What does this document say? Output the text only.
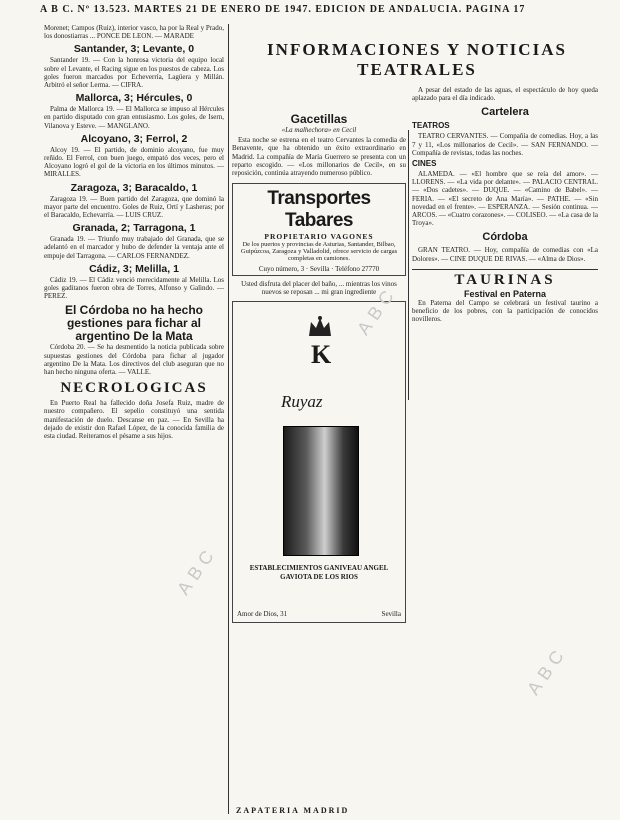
A B C. Nº 13.523. MARTES 21 DE ENERO DE 1947. EDICION DE ANDALUCIA. PAGINA 17

Morenet; Campos (Ruiz), interior vasco, ha por la Real y Prado, los donostiarras ... PONCE DE LEON. — MARADE

Santander, 3; Levante, 0

Santander 19. — Con la honrosa victoria del equipo local sobre el Levante, el Racing sigue en los puestos de cabeza. Los goles fueron marcados por Echeverría, Lagüera y Millán. Arbitró el señor Lerma. — CIFRA.

Mallorca, 3; Hércules, 0

Palma de Mallorca 19. — El Mallorca se impuso al Hércules en partido disputado con gran entusiasmo. Los goles, de Isern, Vilanova y Esteve. — MANGLANO.

Alcoyano, 3; Ferrol, 2

Alcoy 19. — El partido, de dominio alcoyano, fue muy reñido. El Ferrol, con buen juego, empató dos veces, pero el Alcoyano logró el gol de la victoria en los últimos minutos. — MIRALLES.

Zaragoza, 3; Baracaldo, 1

Zaragoza 19. — Buen partido del Zaragoza, que dominó la mayor parte del encuentro. Goles de Ruiz, Ortí y Lasheras; por el Baracaldo, Echevarría. — LUIS CRUZ.

Granada, 2; Tarragona, 1

Granada 19. — Triunfo muy trabajado del Granada, que se adelantó en el marcador y hubo de defender la ventaja ante el empuje del Tarragona. — CARLOS FERNANDEZ.

Cádiz, 3; Melilla, 1

Cádiz 19. — El Cádiz venció merecidamente al Melilla. Los goles gaditanos fueron obra de Torres, Alfonso y Galindo. — PEREZ.

El Córdoba no ha hecho gestiones para fichar al argentino De la Mata

Córdoba 20. — Se ha desmentido la noticia publicada sobre supuestas gestiones del Córdoba para fichar al jugador argentino De la Mata. Los directivos del club aseguran que no han hecho ninguna oferta. — VALLE.

NECROLOGICAS

En Puerto Real ha fallecido doña Josefa Ruiz, madre de nuestro compañero. El sepelio constituyó una sentida manifestación de duelo. Descanse en paz. — En Sevilla ha dejado de existir don Rafael López, de la conocida familia de esta ciudad. Reiteramos el pésame a sus hijos.

INFORMACIONES Y NOTICIAS TEATRALES
Gacetillas

«La malhechora» en Cecil

Esta noche se estrena en el teatro Cervantes la comedia de Benavente, que ha obtenido un éxito extraordinario en Madrid. La compañía de María Guerrero se presenta con un reparto escogido. — «Los millonarios de Cecil», en su reposición, continúa atrayendo numeroso público.

Transportes Tabares
PROPIETARIO VAGONES
De los puertos y provincias de Asturias, Santander, Bilbao, Guipúzcoa, Zaragoza y Valladolid, ofrece servicio de cargas completas en camiones.
Cuyo número, 3 · Sevilla · Teléfono 27770

Usted disfruta del placer del baño, ... mientras los vinos nuevos se reposan ... mi gran ingrediente

K
Ruyaz
ESTABLECIMIENTOS GANIVEAU ANGEL GAVIOTA DE LOS RIOS
Amor de Dios, 31	Sevilla

A pesar del estado de las aguas, el espectáculo de hoy queda aplazado para el día indicado.

Cartelera
TEATROS

TEATRO CERVANTES. — Compañía de comedias. Hoy, a las 7 y 11, «Los millonarios de Cecil». — SAN FERNANDO. — Compañía de revistas, todas las noches.

CINES

ALAMEDA. — «El hombre que se reía del amor». — LLORENS. — «La vida por delante». — PALACIO CENTRAL. — «Dos cadetes». — DUQUE. — «Camino de Babel». — FERIA. — «El secreto de Ana María». — PATHE. — «Sin novedad en el frente». — ESPERANZA. — Sesión continua. — ARCOS. — «Cuatro corazones». — COLISEO. — «La casa de la Troya».

Córdoba

GRAN TEATRO. — Hoy, compañía de comedias con «La Dolores». — CINE DUQUE DE RIVAS. — «Alma de Dios».

TAURINAS
Festival en Paterna

En Paterna del Campo se celebrará un festival taurino a beneficio de los pobres, con la participación de conocidos novilleros.

ZAPATERIA MADRID
ABC
ABC
ABC
